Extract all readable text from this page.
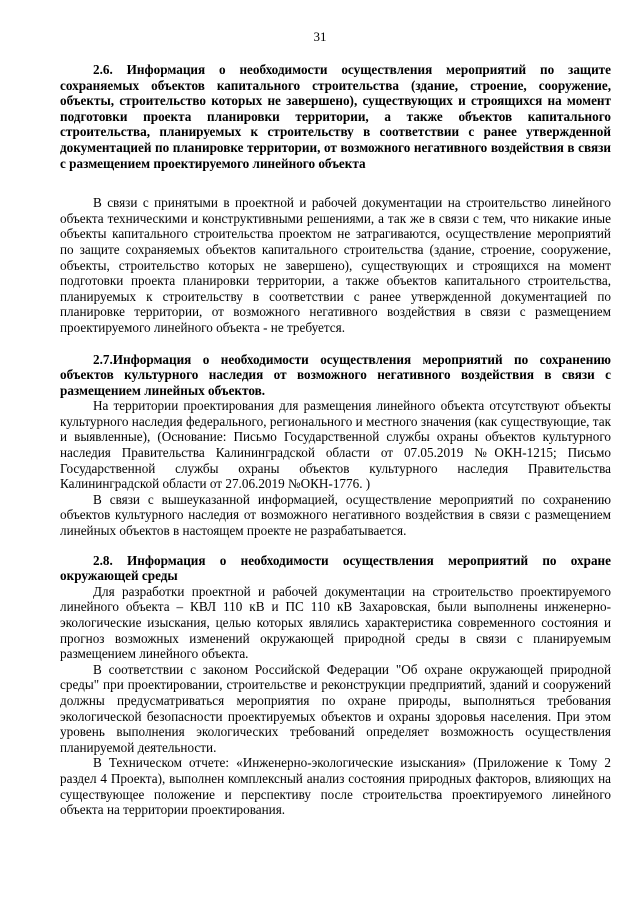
31

2.6. Информация о необходимости осуществления мероприятий по защите сохраняемых объектов капитального строительства (здание, строение, сооружение, объекты, строительство которых не завершено), существующих и строящихся на момент подготовки проекта планировки территории, а также объектов капитального строительства, планируемых к строительству в соответствии с ранее утвержденной документацией по планировке территории, от возможного негативного воздействия в связи с размещением проектируемого линейного объекта

В связи с принятыми в проектной и рабочей документации на строительство линейного объекта техническими и конструктивными решениями, а так же в связи с тем, что никакие иные объекты капитального строительства проектом не затрагиваются, осуществление мероприятий по защите сохраняемых объектов капитального строительства (здание, строение, сооружение, объекты, строительство которых не завершено), существующих и строящихся на момент подготовки проекта планировки территории, а также объектов капитального строительства, планируемых к строительству в соответствии с ранее утвержденной документацией по планировке территории, от возможного негативного воздействия в связи с размещением проектируемого линейного объекта - не требуется.

2.7.Информация о необходимости осуществления мероприятий по сохранению объектов культурного наследия от возможного негативного воздействия в связи с размещением линейных объектов.

На территории проектирования для размещения линейного объекта отсутствуют объекты культурного наследия федерального, регионального и местного значения (как существующие, так и выявленные), (Основание: Письмо Государственной службы охраны объектов культурного наследия Правительства Калининградской области от 07.05.2019 №ОКН-1215; Письмо Государственной службы охраны объектов культурного наследия Правительства Калининградской области от 27.06.2019 №ОКН-1776. )

В связи с вышеуказанной информацией, осуществление мероприятий по сохранению объектов культурного наследия от возможного негативного воздействия в связи с размещением линейных объектов в настоящем проекте не разрабатывается.

2.8. Информация о необходимости осуществления мероприятий по охране окружающей среды

Для разработки проектной и рабочей документации на строительство проектируемого линейного объекта – КВЛ 110 кВ и ПС 110 кВ Захаровская, были выполнены инженерно-экологические изыскания, целью которых являлись характеристика современного состояния и прогноз возможных изменений окружающей природной среды в связи с планируемым размещением линейного объекта.

В соответствии с законом Российской Федерации "Об охране окружающей природной среды" при проектировании, строительстве и реконструкции предприятий, зданий и сооружений должны предусматриваться мероприятия по охране природы, выполняться требования экологической безопасности проектируемых объектов и охраны здоровья населения. При этом уровень выполнения экологических требований определяет возможность осуществления планируемой деятельности.

В Техническом отчете: «Инженерно-экологические изыскания» (Приложение к Тому 2 раздел 4 Проекта), выполнен комплексный анализ состояния природных факторов, влияющих на существующее положение и перспективу после строительства проектируемого линейного объекта на территории проектирования.
